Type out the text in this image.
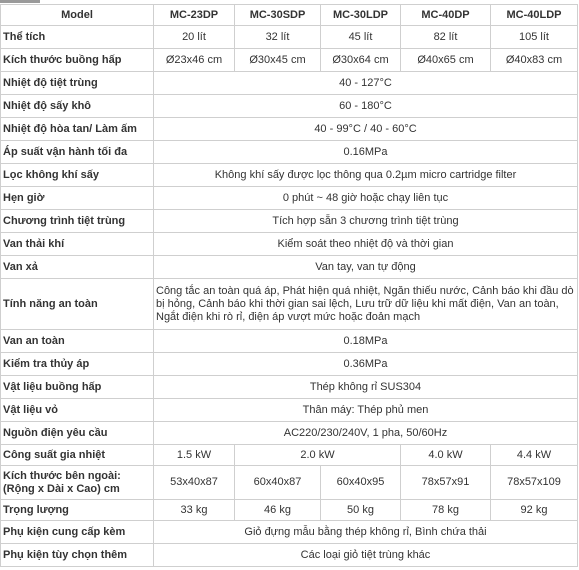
Model	MC-23DP	MC-30SDP	MC-30LDP	MC-40DP	MC-40LDP
Thể tích	20 lít	32 lít	45 lít	82 lít	105 lít
Kích thước buồng hấp	Ø23x46 cm	Ø30x45 cm	Ø30x64 cm	Ø40x65 cm	Ø40x83 cm
Nhiệt độ tiệt trùng	40 - 127°C				
Nhiệt độ sấy khô	60 - 180°C				
Nhiệt độ hòa tan/ Làm ấm	40 - 99°C / 40 - 60°C				
Áp suất vận hành tối đa	0.16MPa				
Lọc không khí sấy	Không khí sấy được lọc thông qua 0.2µm micro cartridge filter				
Hẹn giờ	0 phút ~ 48 giờ hoặc chạy liên tục				
Chương trình tiệt trùng	Tích hợp sẵn 3 chương trình tiệt trùng				
Van thải khí	Kiểm soát theo nhiệt độ và thời gian				
Van xả	Van tay, van tự động				
Tính năng an toàn	Công tắc an toàn quá áp, Phát hiện quá nhiệt, Ngăn thiếu nước, Cảnh báo khi đầu dò bị hỏng, Cảnh báo khi thời gian sai lệch, Lưu trữ dữ liệu khi mất điện, Van an toàn, Ngắt điện khi rò rỉ, điện áp vượt mức hoặc đoản mạch				
Van an toàn	0.18MPa				
Kiểm tra thủy áp	0.36MPa				
Vật liệu buồng hấp	Thép không rỉ SUS304				
Vật liệu vỏ	Thân máy: Thép phủ men				
Nguồn điện yêu cầu	AC220/230/240V, 1 pha, 50/60Hz				
Công suất gia nhiệt	1.5 kW	2.0 kW		4.0 kW	4.4 kW

Kích thước bên ngoài:
(Rộng x Dài x Cao) cm	53x40x87	60x40x87	60x40x95	78x57x91	78x57x109
Trọng lượng	33 kg	46 kg	50 kg	78 kg	92 kg
Phụ kiện cung cấp kèm	Giỏ đựng mẫu bằng thép không rỉ, Bình chứa thải				
Phụ kiện tùy chọn thêm	Các loại giỏ tiệt trùng khác				
